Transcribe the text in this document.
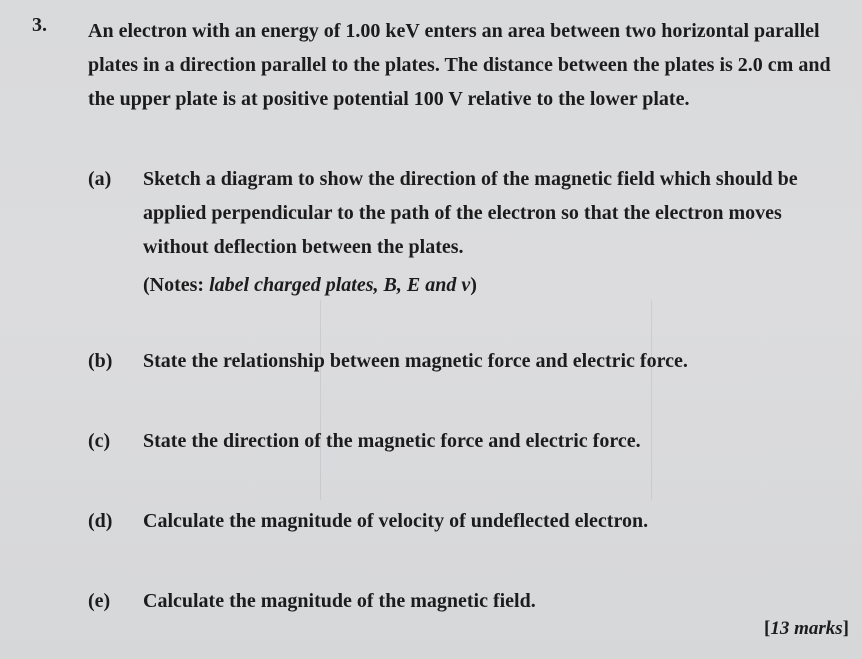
3. An electron with an energy of 1.00 keV enters an area between two horizontal parallel plates in a direction parallel to the plates. The distance between the plates is 2.0 cm and the upper plate is at positive potential 100 V relative to the lower plate.
(a)	Sketch a diagram to show the direction of the magnetic field which should be applied perpendicular to the path of the electron so that the electron moves without deflection between the plates.
(Notes: label charged plates, B, E and v)
(b)	State the relationship between magnetic force and electric force.
(c)	State the direction of the magnetic force and electric force.
(d)	Calculate the magnitude of velocity of undeflected electron.
(e)	Calculate the magnitude of the magnetic field.
[13 marks]
